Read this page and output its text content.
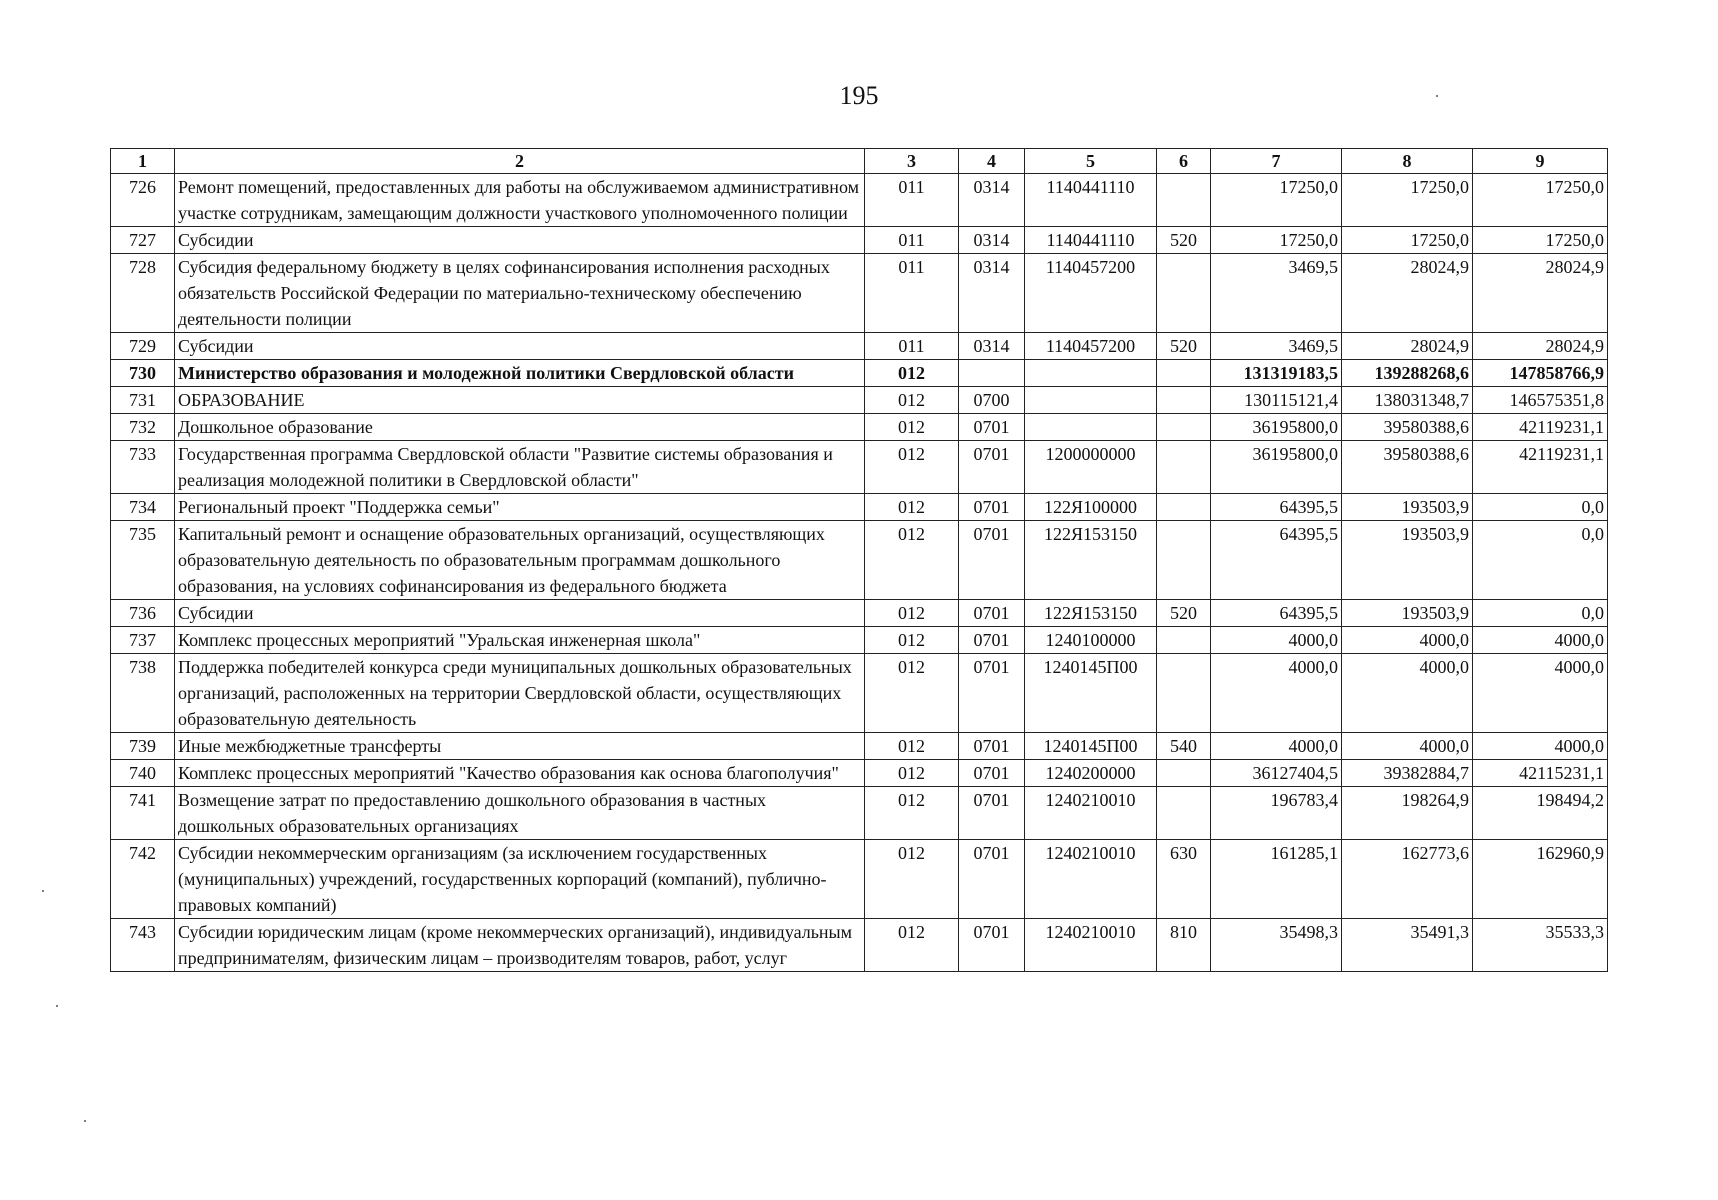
195
1	2	3	4	5	6	7	8	9
726	Ремонт помещений, предоставленных для работы на обслуживаемом административном участке сотрудникам, замещающим должности участкового уполномоченного полиции	011	0314	1140441110		17250,0	17250,0	17250,0
727	Субсидии	011	0314	1140441110	520	17250,0	17250,0	17250,0
728	Субсидия федеральному бюджету в целях софинансирования исполнения расходных обязательств Российской Федерации по материально-техническому обеспечению деятельности полиции	011	0314	1140457200		3469,5	28024,9	28024,9
729	Субсидии	011	0314	1140457200	520	3469,5	28024,9	28024,9
730	Министерство образования и молодежной политики Свердловской области	012				131319183,5	139288268,6	147858766,9
731	ОБРАЗОВАНИЕ	012	0700			130115121,4	138031348,7	146575351,8
732	Дошкольное образование	012	0701			36195800,0	39580388,6	42119231,1
733	Государственная программа Свердловской области "Развитие системы образования и реализация молодежной политики в Свердловской области"	012	0701	1200000000		36195800,0	39580388,6	42119231,1
734	Региональный проект "Поддержка семьи"	012	0701	122Я100000		64395,5	193503,9	0,0
735	Капитальный ремонт и оснащение образовательных организаций, осуществляющих образовательную деятельность по образовательным программам дошкольного образования, на условиях софинансирования из федерального бюджета	012	0701	122Я153150		64395,5	193503,9	0,0
736	Субсидии	012	0701	122Я153150	520	64395,5	193503,9	0,0
737	Комплекс процессных мероприятий "Уральская инженерная школа"	012	0701	1240100000		4000,0	4000,0	4000,0
738	Поддержка победителей конкурса среди муниципальных дошкольных образовательных организаций, расположенных на территории Свердловской области, осуществляющих образовательную деятельность	012	0701	1240145П00		4000,0	4000,0	4000,0
739	Иные межбюджетные трансферты	012	0701	1240145П00	540	4000,0	4000,0	4000,0
740	Комплекс процессных мероприятий "Качество образования как основа благополучия"	012	0701	1240200000		36127404,5	39382884,7	42115231,1
741	Возмещение затрат по предоставлению дошкольного образования в частных дошкольных образовательных организациях	012	0701	1240210010		196783,4	198264,9	198494,2
742	Субсидии некоммерческим организациям (за исключением государственных (муниципальных) учреждений, государственных корпораций (компаний), публично-правовых компаний)	012	0701	1240210010	630	161285,1	162773,6	162960,9
743	Субсидии юридическим лицам (кроме некоммерческих организаций), индивидуальным предпринимателям, физическим лицам – производителям товаров, работ, услуг	012	0701	1240210010	810	35498,3	35491,3	35533,3
